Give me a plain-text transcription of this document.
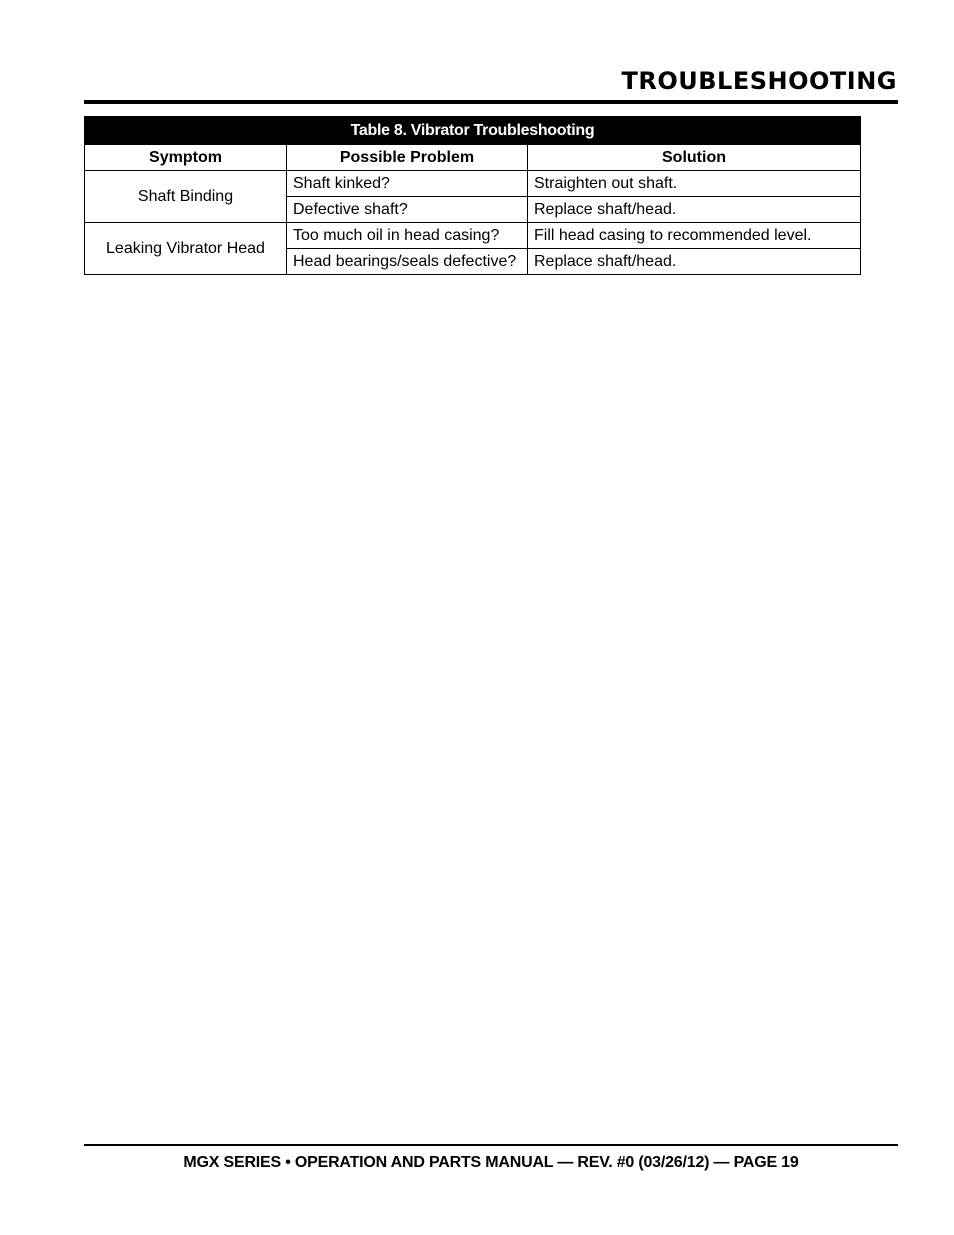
TROUBLESHOOTING
Table 8. Vibrator Troubleshooting
Symptom	Possible Problem	Solution
Shaft Binding	Shaft kinked?	Straighten out shaft.
	Defective shaft?	Replace shaft/head.
Leaking Vibrator Head	Too much oil in head casing?	Fill head casing to recommended level.
	Head bearings/seals defective?	Replace shaft/head.
MGX SERIES • OPERATION AND PARTS MANUAL — REV. #0 (03/26/12) — PAGE 19
